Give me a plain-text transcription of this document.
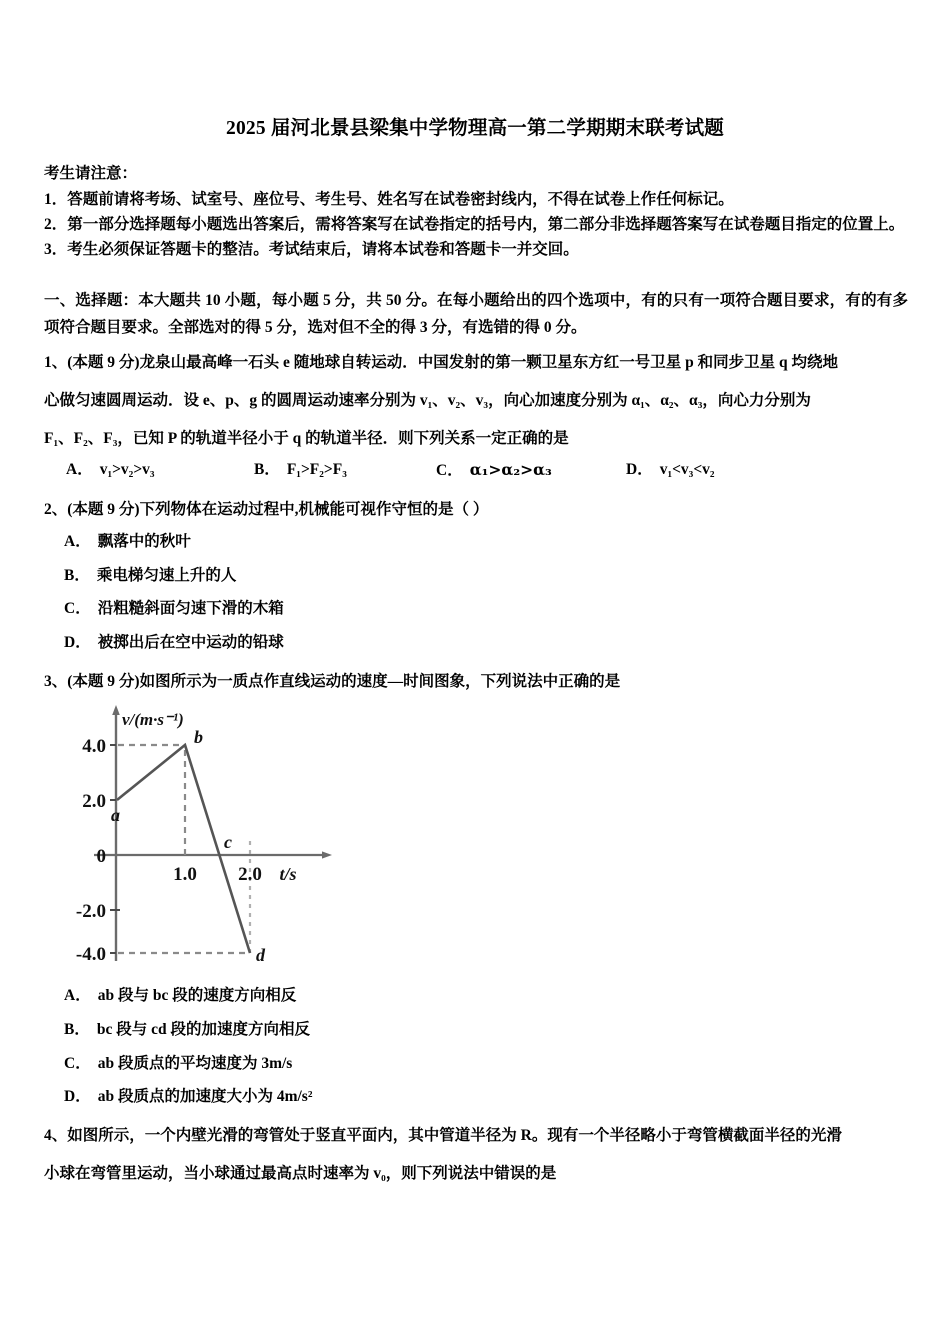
2025 届河北景县梁集中学物理高一第二学期期末联考试题
考生请注意：
1．答题前请将考场、试室号、座位号、考生号、姓名写在试卷密封线内，不得在试卷上作任何标记。
2．第一部分选择题每小题选出答案后，需将答案写在试卷指定的括号内，第二部分非选择题答案写在试卷题目指定的位置上。
3．考生必须保证答题卡的整洁。考试结束后，请将本试卷和答题卡一并交回。
一、选择题：本大题共 10 小题，每小题 5 分，共 50 分。在每小题给出的四个选项中，有的只有一项符合题目要求，有的有多项符合题目要求。全部选对的得 5 分，选对但不全的得 3 分，有选错的得 0 分。
1、(本题 9 分)龙泉山最高峰一石头 e 随地球自转运动．中国发射的第一颗卫星东方红一号卫星 p 和同步卫星 q 均绕地
心做匀速圆周运动．设 e、p、g 的圆周运动速率分别为 v₁、v₂、v₃，向心加速度分别为 α₁、α₂、α₃，向心力分别为
F₁、F₂、F₃，已知 P 的轨道半径小于 q 的轨道半径．则下列关系一定正确的是
A． v₁>v₂>v₃	B． F₁>F₂>F₃	C． α₁>α₂>α₃	D． v₁<v₃<v₂
2、(本题 9 分)下列物体在运动过程中,机械能可视作守恒的是（ ）
A． 飘落中的秋叶
B． 乘电梯匀速上升的人
C． 沿粗糙斜面匀速下滑的木箱
D． 被掷出后在空中运动的铅球
3、(本题 9 分)如图所示为一质点作直线运动的速度—时间图象，下列说法中正确的是
4.0
2.0
0
-2.0
-4.0
1.0 2.0
v/(m·s⁻¹)
t/s
a
b
c
d
A． ab 段与 bc 段的速度方向相反
B． bc 段与 cd 段的加速度方向相反
C． ab 段质点的平均速度为 3m/s
D． ab 段质点的加速度大小为 4m/s²
4、如图所示，一个内壁光滑的弯管处于竖直平面内，其中管道半径为 R。现有一个半径略小于弯管横截面半径的光滑
小球在弯管里运动，当小球通过最高点时速率为 v₀，则下列说法中错误的是
